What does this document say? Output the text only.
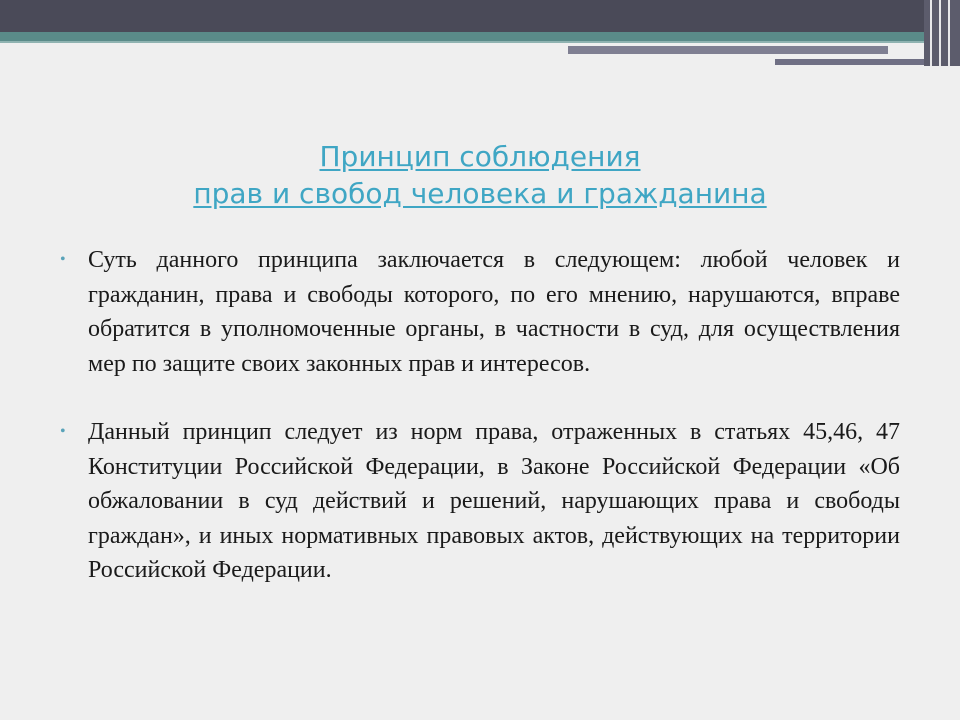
Принцип соблюдения
прав и свобод человека и гражданина
• Суть данного принципа заключается в следующем: любой человек и гражданин, права и свободы которого, по его мнению, нарушаются, вправе обратится в уполномоченные органы, в частности в суд, для осуществления мер по защите своих законных прав и интересов.
• Данный принцип следует из норм права, отраженных в статьях 45,46, 47 Конституции Российской Федерации, в Законе Российской Федерации «Об обжаловании в суд действий и решений, нарушающих права и свободы граждан», и иных нормативных правовых актов, действующих на территории Российской Федерации.
